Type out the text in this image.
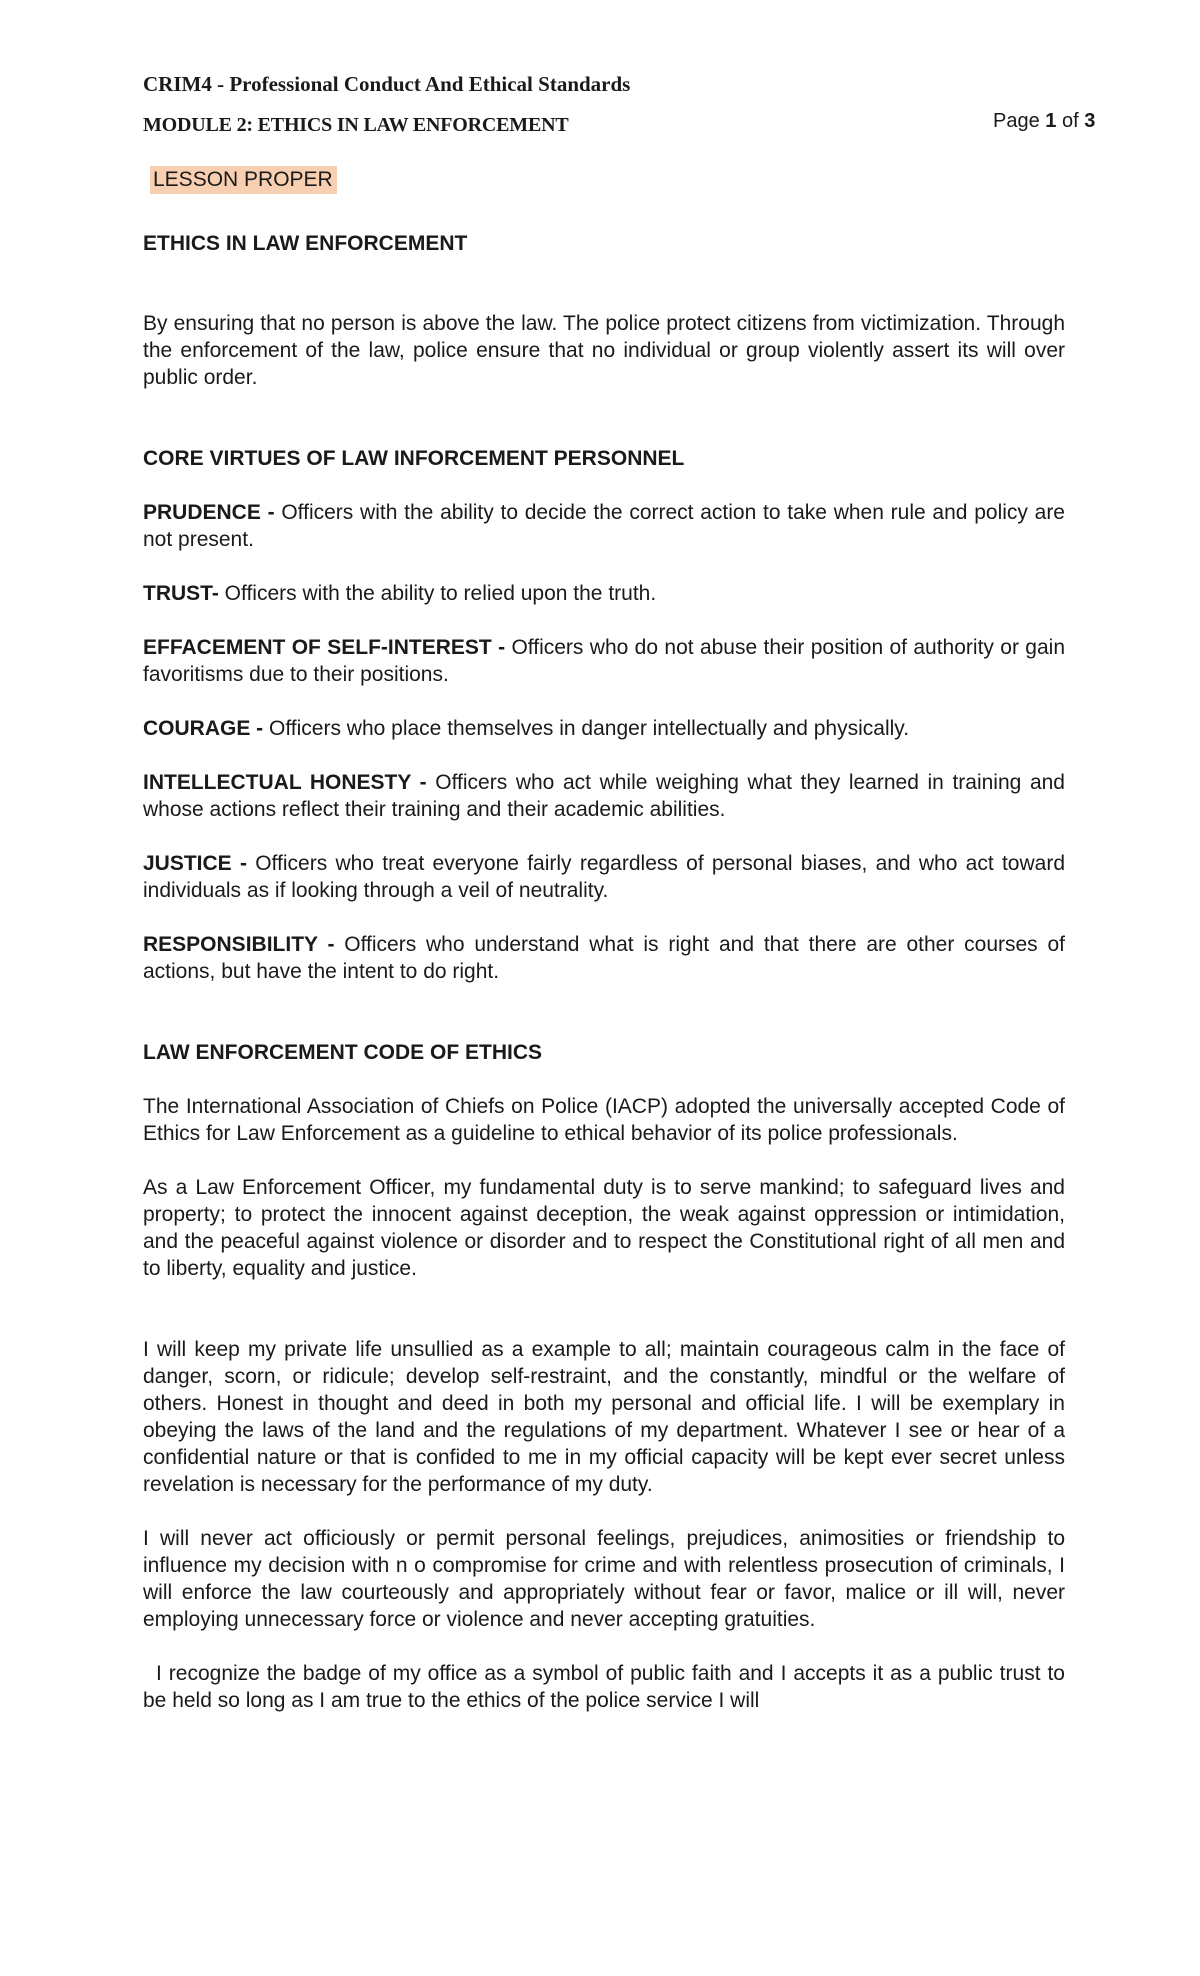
CRIM4 - Professional Conduct And Ethical Standards
MODULE 2: ETHICS IN LAW ENFORCEMENT	Page 1 of 3
LESSON PROPER
ETHICS IN LAW ENFORCEMENT

By ensuring that no person is above the law. The police protect citizens from victimization. Through the enforcement of the law, police ensure that no individual or group violently assert its will over public order.

CORE VIRTUES OF LAW INFORCEMENT PERSONNEL

PRUDENCE - Officers with the ability to decide the correct action to take when rule and policy are not present.

TRUST- Officers with the ability to relied upon the truth.

EFFACEMENT OF SELF-INTEREST - Officers who do not abuse their position of authority or gain favoritisms due to their positions.

COURAGE - Officers who place themselves in danger intellectually and physically.

INTELLECTUAL HONESTY - Officers who act while weighing what they learned in training and whose actions reflect their training and their academic abilities.

JUSTICE - Officers who treat everyone fairly regardless of personal biases, and who act toward individuals as if looking through a veil of neutrality.

RESPONSIBILITY - Officers who understand what is right and that there are other courses of actions, but have the intent to do right.

LAW ENFORCEMENT CODE OF ETHICS

The International Association of Chiefs on Police (IACP) adopted the universally accepted Code of Ethics for Law Enforcement as a guideline to ethical behavior of its police professionals.

As a Law Enforcement Officer, my fundamental duty is to serve mankind; to safeguard lives and property; to protect the innocent against deception, the weak against oppression or intimidation, and the peaceful against violence or disorder and to respect the Constitutional right of all men and to liberty, equality and justice.

I will keep my private life unsullied as a example to all; maintain courageous calm in the face of danger, scorn, or ridicule; develop self-restraint, and the constantly, mindful or the welfare of others. Honest in thought and deed in both my personal and official life. I will be exemplary in obeying the laws of the land and the regulations of my department. Whatever I see or hear of a confidential nature or that is confided to me in my official capacity will be kept ever secret unless revelation is necessary for the performance of my duty.

I will never act officiously or permit personal feelings, prejudices, animosities or friendship to influence my decision with n o compromise for crime and with relentless prosecution of criminals, I will enforce the law courteously and appropriately without fear or favor, malice or ill will, never employing unnecessary force or violence and never accepting gratuities.

I recognize the badge of my office as a symbol of public faith and I accepts it as a public trust to be held so long as I am true to the ethics of the police service I will
